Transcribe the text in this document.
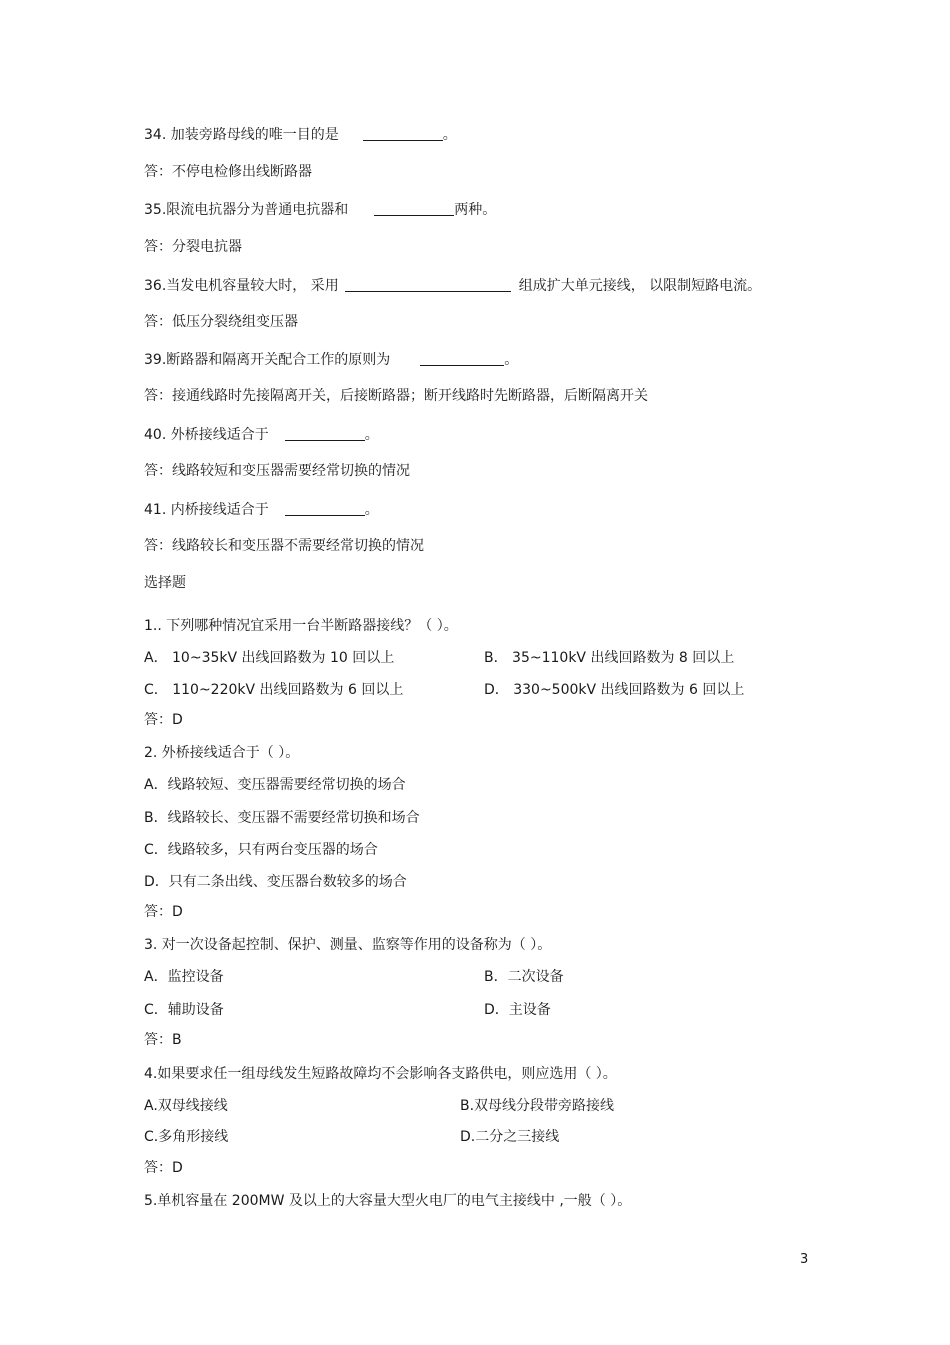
34. 加装旁路母线的唯一目的是	。

答：不停电检修出线断路器

35.限流电抗器分为普通电抗器和	两种。

答：分裂电抗器

36.当发电机容量较大时， 采用	组成扩大单元接线， 以限制短路电流。

答：低压分裂绕组变压器

39.断路器和隔离开关配合工作的原则为	。

答：接通线路时先接隔离开关，后接断路器；断开线路时先断路器，后断隔离开关

40. 外桥接线适合于	。

答：线路较短和变压器需要经常切换的情况

41. 内桥接线适合于	。

答：线路较长和变压器不需要经常切换的情况

选择题

1.. 下列哪种情况宜采用一台半断路器接线？（ ）。

A． 10~35kV 出线回路数为 10 回以上	B． 35~110kV 出线回路数为 8 回以上

C． 110~220kV 出线回路数为 6 回以上	D． 330~500kV 出线回路数为 6 回以上

答：D

2. 外桥接线适合于（ ）。

A．线路较短、变压器需要经常切换的场合

B．线路较长、变压器不需要经常切换和场合

C．线路较多，只有两台变压器的场合

D．只有二条出线、变压器台数较多的场合

答：D

3. 对一次设备起控制、保护、测量、监察等作用的设备称为（ ）。

A．监控设备	B．二次设备

C．辅助设备	D．主设备

答：B

4.如果要求任一组母线发生短路故障均不会影响各支路供电，则应选用（ ）。

A.双母线接线	B.双母线分段带旁路接线

C.多角形接线	D.二分之三接线

答：D

5.单机容量在 200MW 及以上的大容量大型火电厂的电气主接线中 ,一般（ ）。

3
